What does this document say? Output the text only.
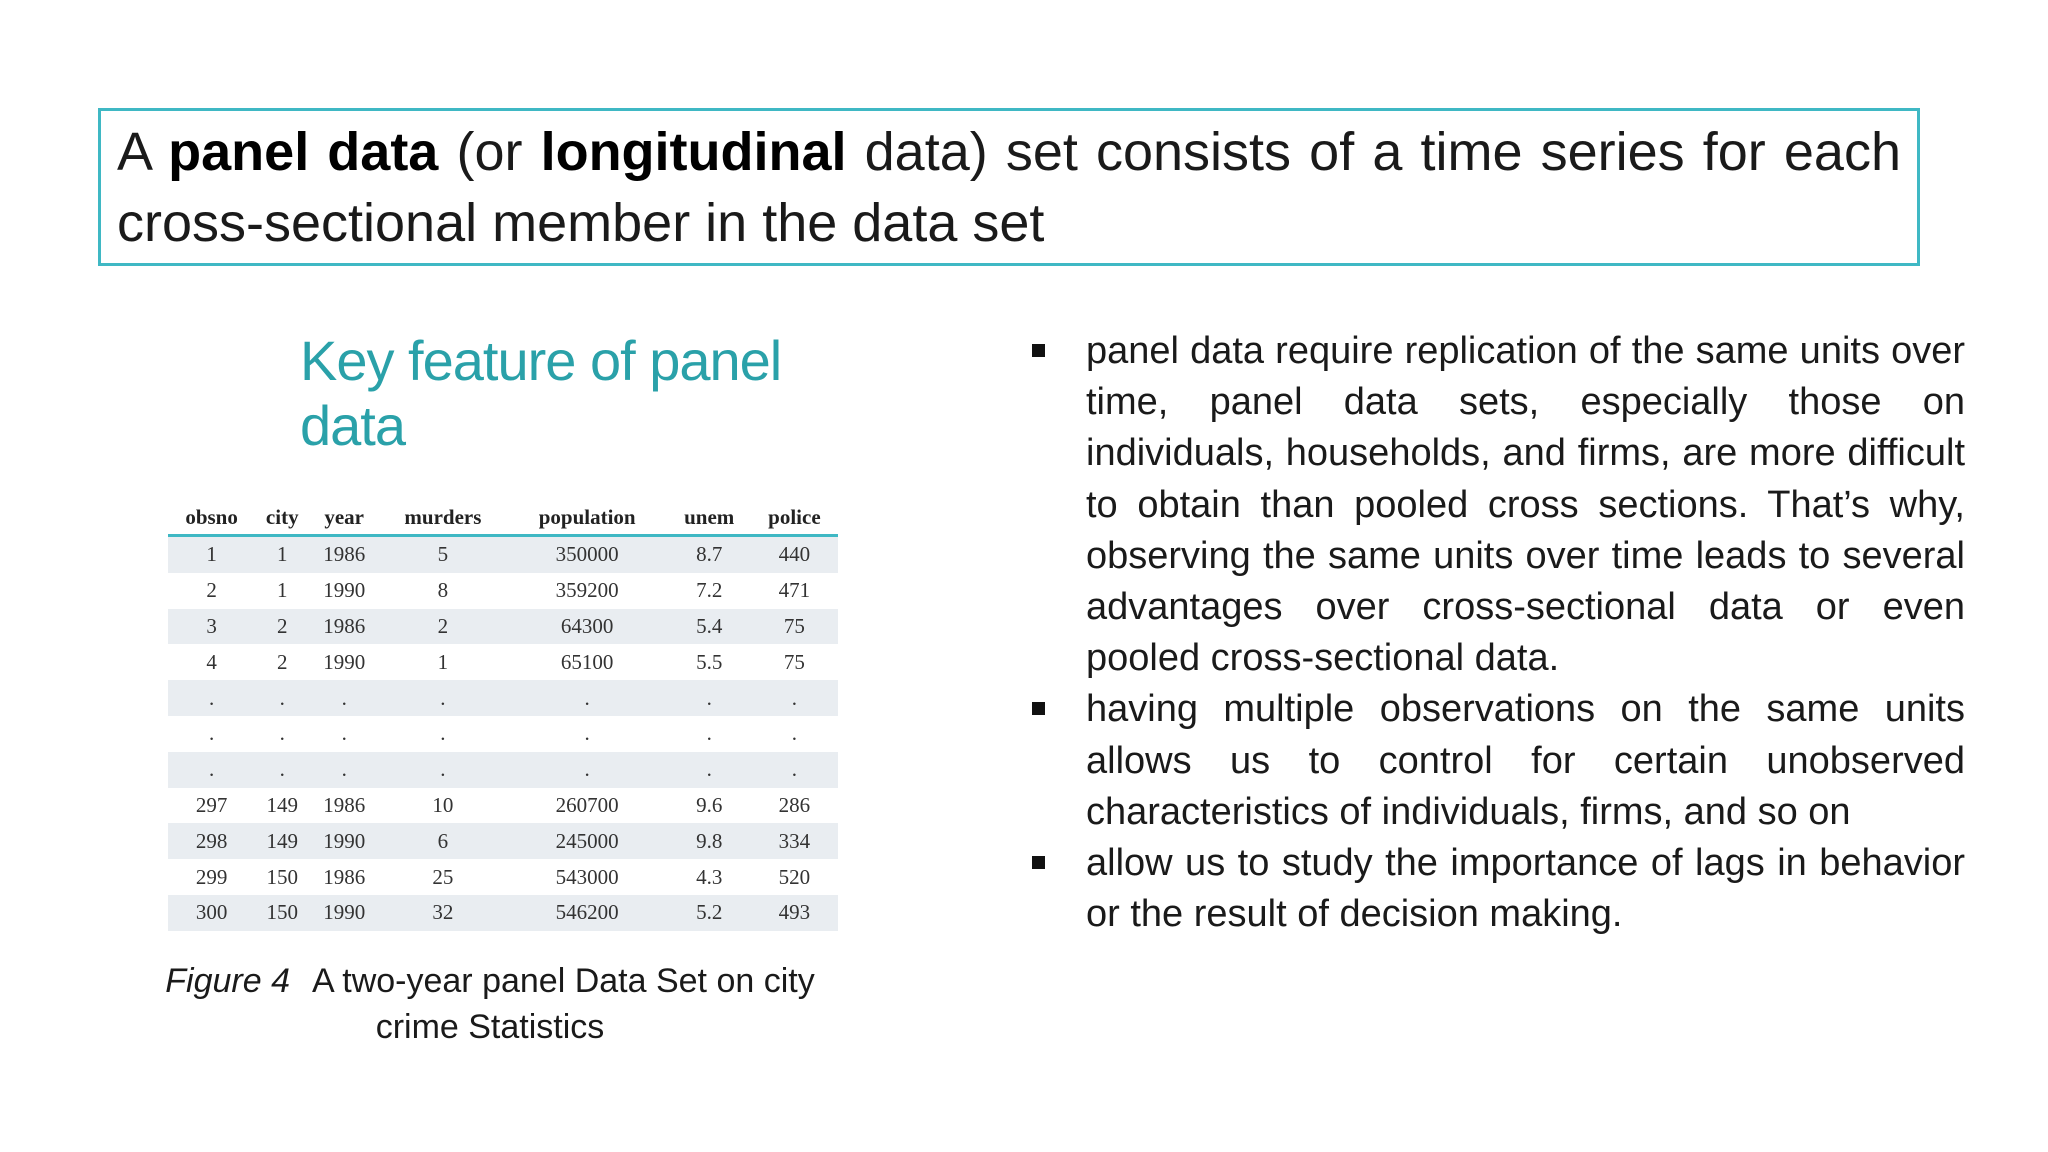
A panel data (or longitudinal data) set consists of a time series for each cross-sectional member in the data set
Key feature of panel data
obsno	city	year	murders	population	unem	police
1	1	1986	5	350000	8.7	440
2	1	1990	8	359200	7.2	471
3	2	1986	2	64300	5.4	75
4	2	1990	1	65100	5.5	75
.	.	.	.	.	.	.
.	.	.	.	.	.	.
.	.	.	.	.	.	.
297	149	1986	10	260700	9.6	286
298	149	1990	6	245000	9.8	334
299	150	1986	25	543000	4.3	520
300	150	1990	32	546200	5.2	493
Figure 4 A two-year panel Data Set on city crime Statistics
panel data require replication of the same units over time, panel data sets, especially those on individuals, households, and firms, are more difficult to obtain than pooled cross sections. That’s why, observing the same units over time leads to several advantages over cross-sectional data or even pooled cross-sectional data.
having multiple observations on the same units allows us to control for certain unobserved characteristics of individuals, firms, and so on
allow us to study the importance of lags in behavior or the result of decision making.
